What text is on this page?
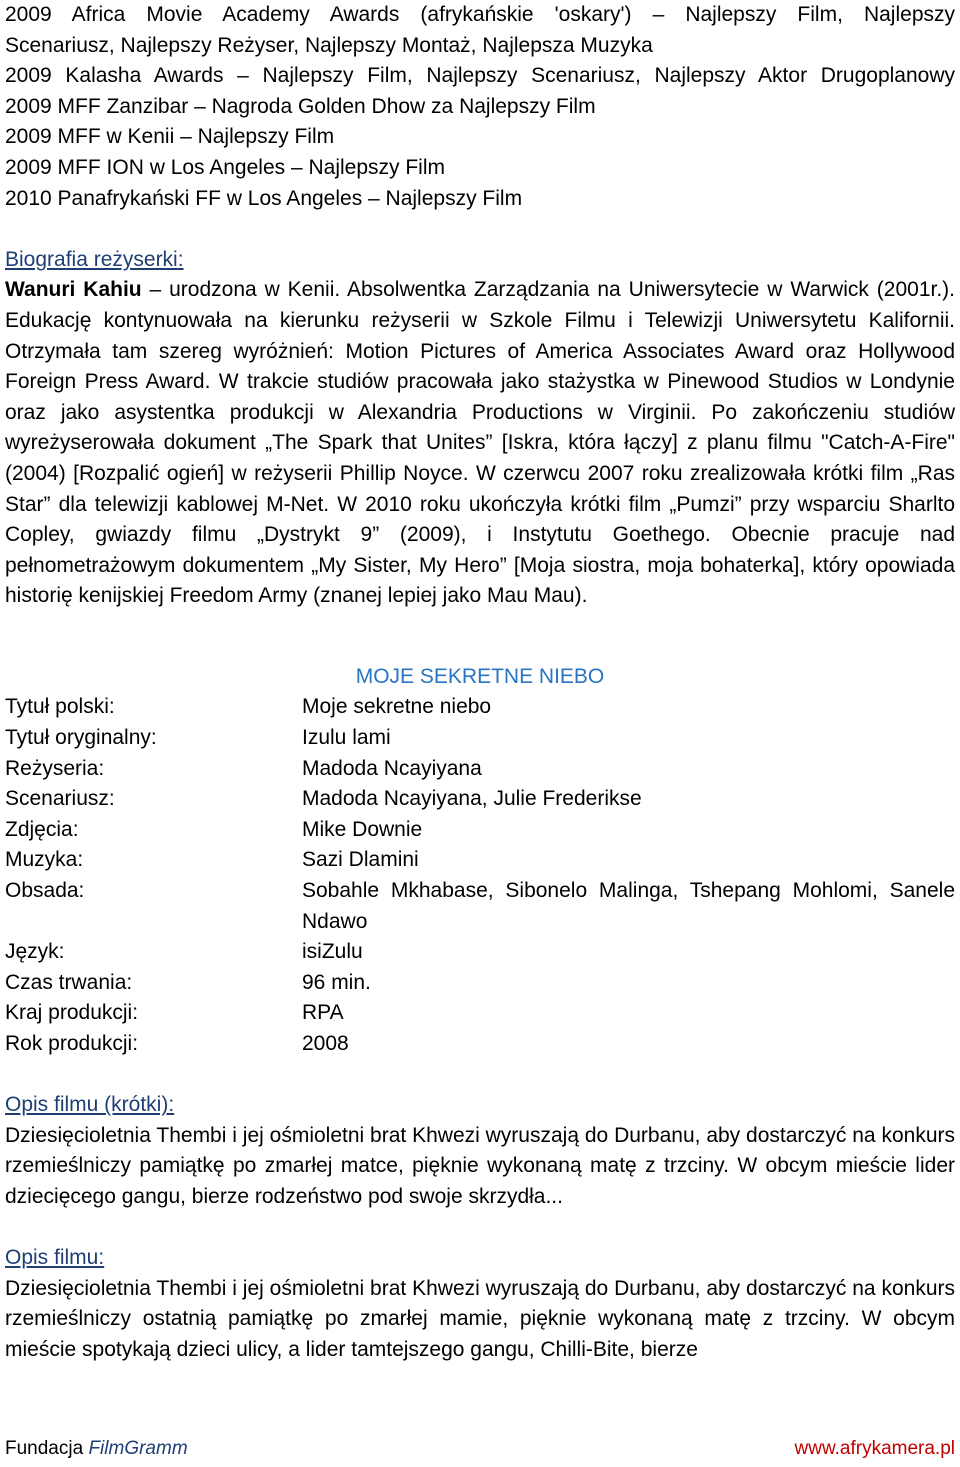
2009 Africa Movie Academy Awards (afrykańskie 'oskary') – Najlepszy Film, Najlepszy
Scenariusz, Najlepszy Reżyser, Najlepszy Montaż, Najlepsza Muzyka
2009 Kalasha Awards – Najlepszy Film, Najlepszy Scenariusz, Najlepszy Aktor Drugoplanowy
2009 MFF Zanzibar – Nagroda Golden Dhow za Najlepszy Film
2009 MFF w Kenii – Najlepszy Film
2009 MFF ION w Los Angeles – Najlepszy Film
2010 Panafrykański FF w Los Angeles – Najlepszy Film
Biografia reżyserki:

Wanuri Kahiu – urodzona w Kenii. Absolwentka Zarządzania na Uniwersytecie w Warwick (2001r.). Edukację kontynuowała na kierunku reżyserii w Szkole Filmu i Telewizji Uniwersytetu Kalifornii. Otrzymała tam szereg wyróżnień: Motion Pictures of America Associates Award oraz Hollywood Foreign Press Award. W trakcie studiów pracowała jako stażystka w Pinewood Studios w Londynie oraz jako asystentka produkcji w Alexandria Productions w Virginii. Po zakończeniu studiów wyreżyserowała dokument „The Spark that Unites” [Iskra, która łączy] z planu filmu "Catch-A-Fire" (2004) [Rozpalić ogień] w reżyserii Phillip Noyce. W czerwcu 2007 roku zrealizowała krótki film „Ras Star” dla telewizji kablowej M-Net. W 2010 roku ukończyła krótki film „Pumzi” przy wsparciu Sharlto Copley, gwiazdy filmu „Dystrykt 9” (2009), i Instytutu Goethego. Obecnie pracuje nad pełnometrażowym dokumentem „My Sister, My Hero” [Moja siostra, moja bohaterka], który opowiada historię kenijskiej Freedom Army (znanej lepiej jako Mau Mau).

MOJE SEKRETNE NIEBO
Tytuł polski:	Moje sekretne niebo
Tytuł oryginalny:	Izulu lami
Reżyseria:	Madoda Ncayiyana
Scenariusz:	Madoda Ncayiyana, Julie Frederikse
Zdjęcia:	Mike Downie
Muzyka:	Sazi Dlamini
Obsada:	Sobahle Mkhabase, Sibonelo Malinga, Tshepang Mohlomi, Sanele Ndawo
Język:	isiZulu
Czas trwania:	96 min.
Kraj produkcji:	RPA
Rok produkcji:	2008
Opis filmu (krótki):

Dziesięcioletnia Thembi i jej ośmioletni brat Khwezi wyruszają do Durbanu, aby dostarczyć na konkurs rzemieślniczy pamiątkę po zmarłej matce, pięknie wykonaną matę z trzciny. W obcym mieście lider dziecięcego gangu, bierze rodzeństwo pod swoje skrzydła...

Opis filmu:

Dziesięcioletnia Thembi i jej ośmioletni brat Khwezi wyruszają do Durbanu, aby dostarczyć na konkurs rzemieślniczy ostatnią pamiątkę po zmarłej mamie, pięknie wykonaną matę z trzciny. W obcym mieście spotykają dzieci ulicy, a lider tamtejszego gangu, Chilli-Bite, bierze

Fundacja FilmGramm	www.afrykamera.pl
